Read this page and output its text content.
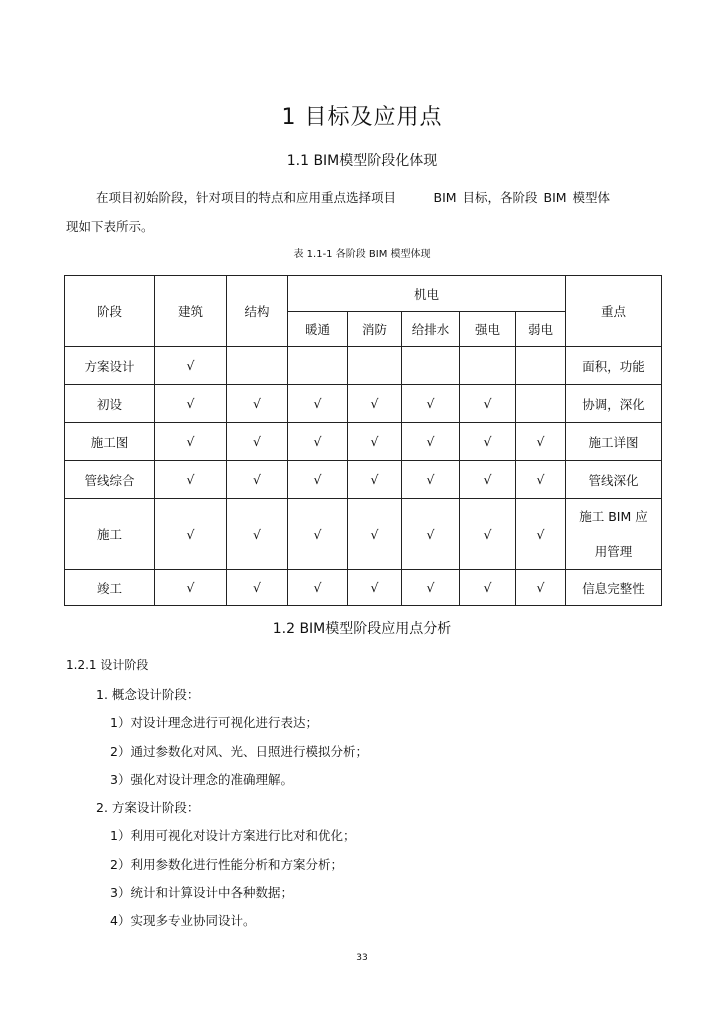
1 目标及应用点
1.1 BIM模型阶段化体现
在项目初始阶段，针对项目的特点和应用重点选择项目　　　BIM 目标，各阶段 BIM 模型体
现如下表所示。
表 1.1-1 各阶段 BIM 模型体现
阶段	建筑	结构	机电					重点
			暖通	消防	给排水	强电	弱电	
方案设计	√							面积，功能
初设	√	√	√	√	√	√		协调，深化
施工图	√	√	√	√	√	√	√	施工详图
管线综合	√	√	√	√	√	√	√	管线深化
施工	√	√	√	√	√	√	√	施工 BIM 应
用管理

竣工	√	√	√	√	√	√	√	信息完整性
1.2 BIM模型阶段应用点分析
1.2.1 设计阶段
1. 概念设计阶段：
1）对设计理念进行可视化进行表达；
2）通过参数化对风、光、日照进行模拟分析；
3）强化对设计理念的准确理解。
2. 方案设计阶段：
1）利用可视化对设计方案进行比对和优化；
2）利用参数化进行性能分析和方案分析；
3）统计和计算设计中各种数据；
4）实现多专业协同设计。
33
